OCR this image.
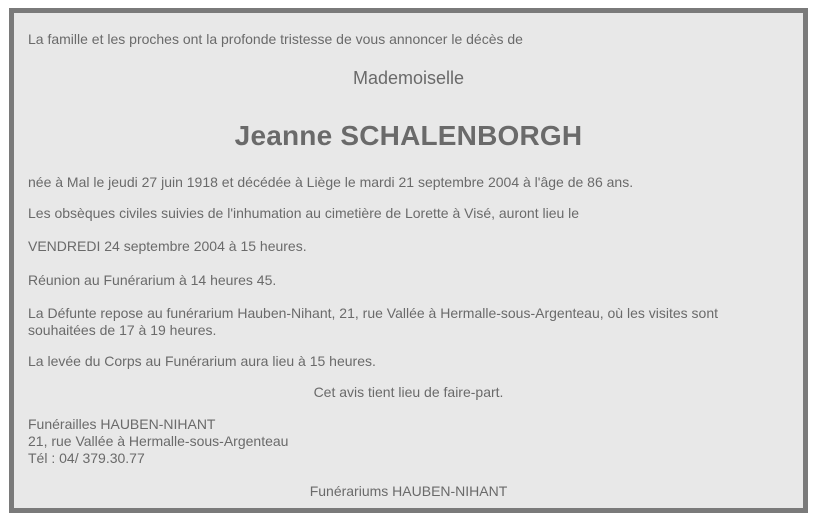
La famille et les proches ont la profonde tristesse de vous annoncer le décès de
Mademoiselle
Jeanne SCHALENBORGH
née à Mal le jeudi 27 juin 1918 et décédée à Liège le mardi 21 septembre 2004 à l'âge de 86 ans.
Les obsèques civiles suivies de l'inhumation au cimetière de Lorette à Visé, auront lieu le
VENDREDI 24 septembre 2004 à 15 heures.
Réunion au Funérarium à 14 heures 45.
La Défunte repose au funérarium Hauben-Nihant, 21, rue Vallée à Hermalle-sous-Argenteau, où les visites sont
souhaitées de 17 à 19 heures.
La levée du Corps au Funérarium aura lieu à 15 heures.
Cet avis tient lieu de faire-part.
Funérailles HAUBEN-NIHANT
21, rue Vallée à Hermalle-sous-Argenteau
Tél : 04/ 379.30.77
Funérariums HAUBEN-NIHANT
